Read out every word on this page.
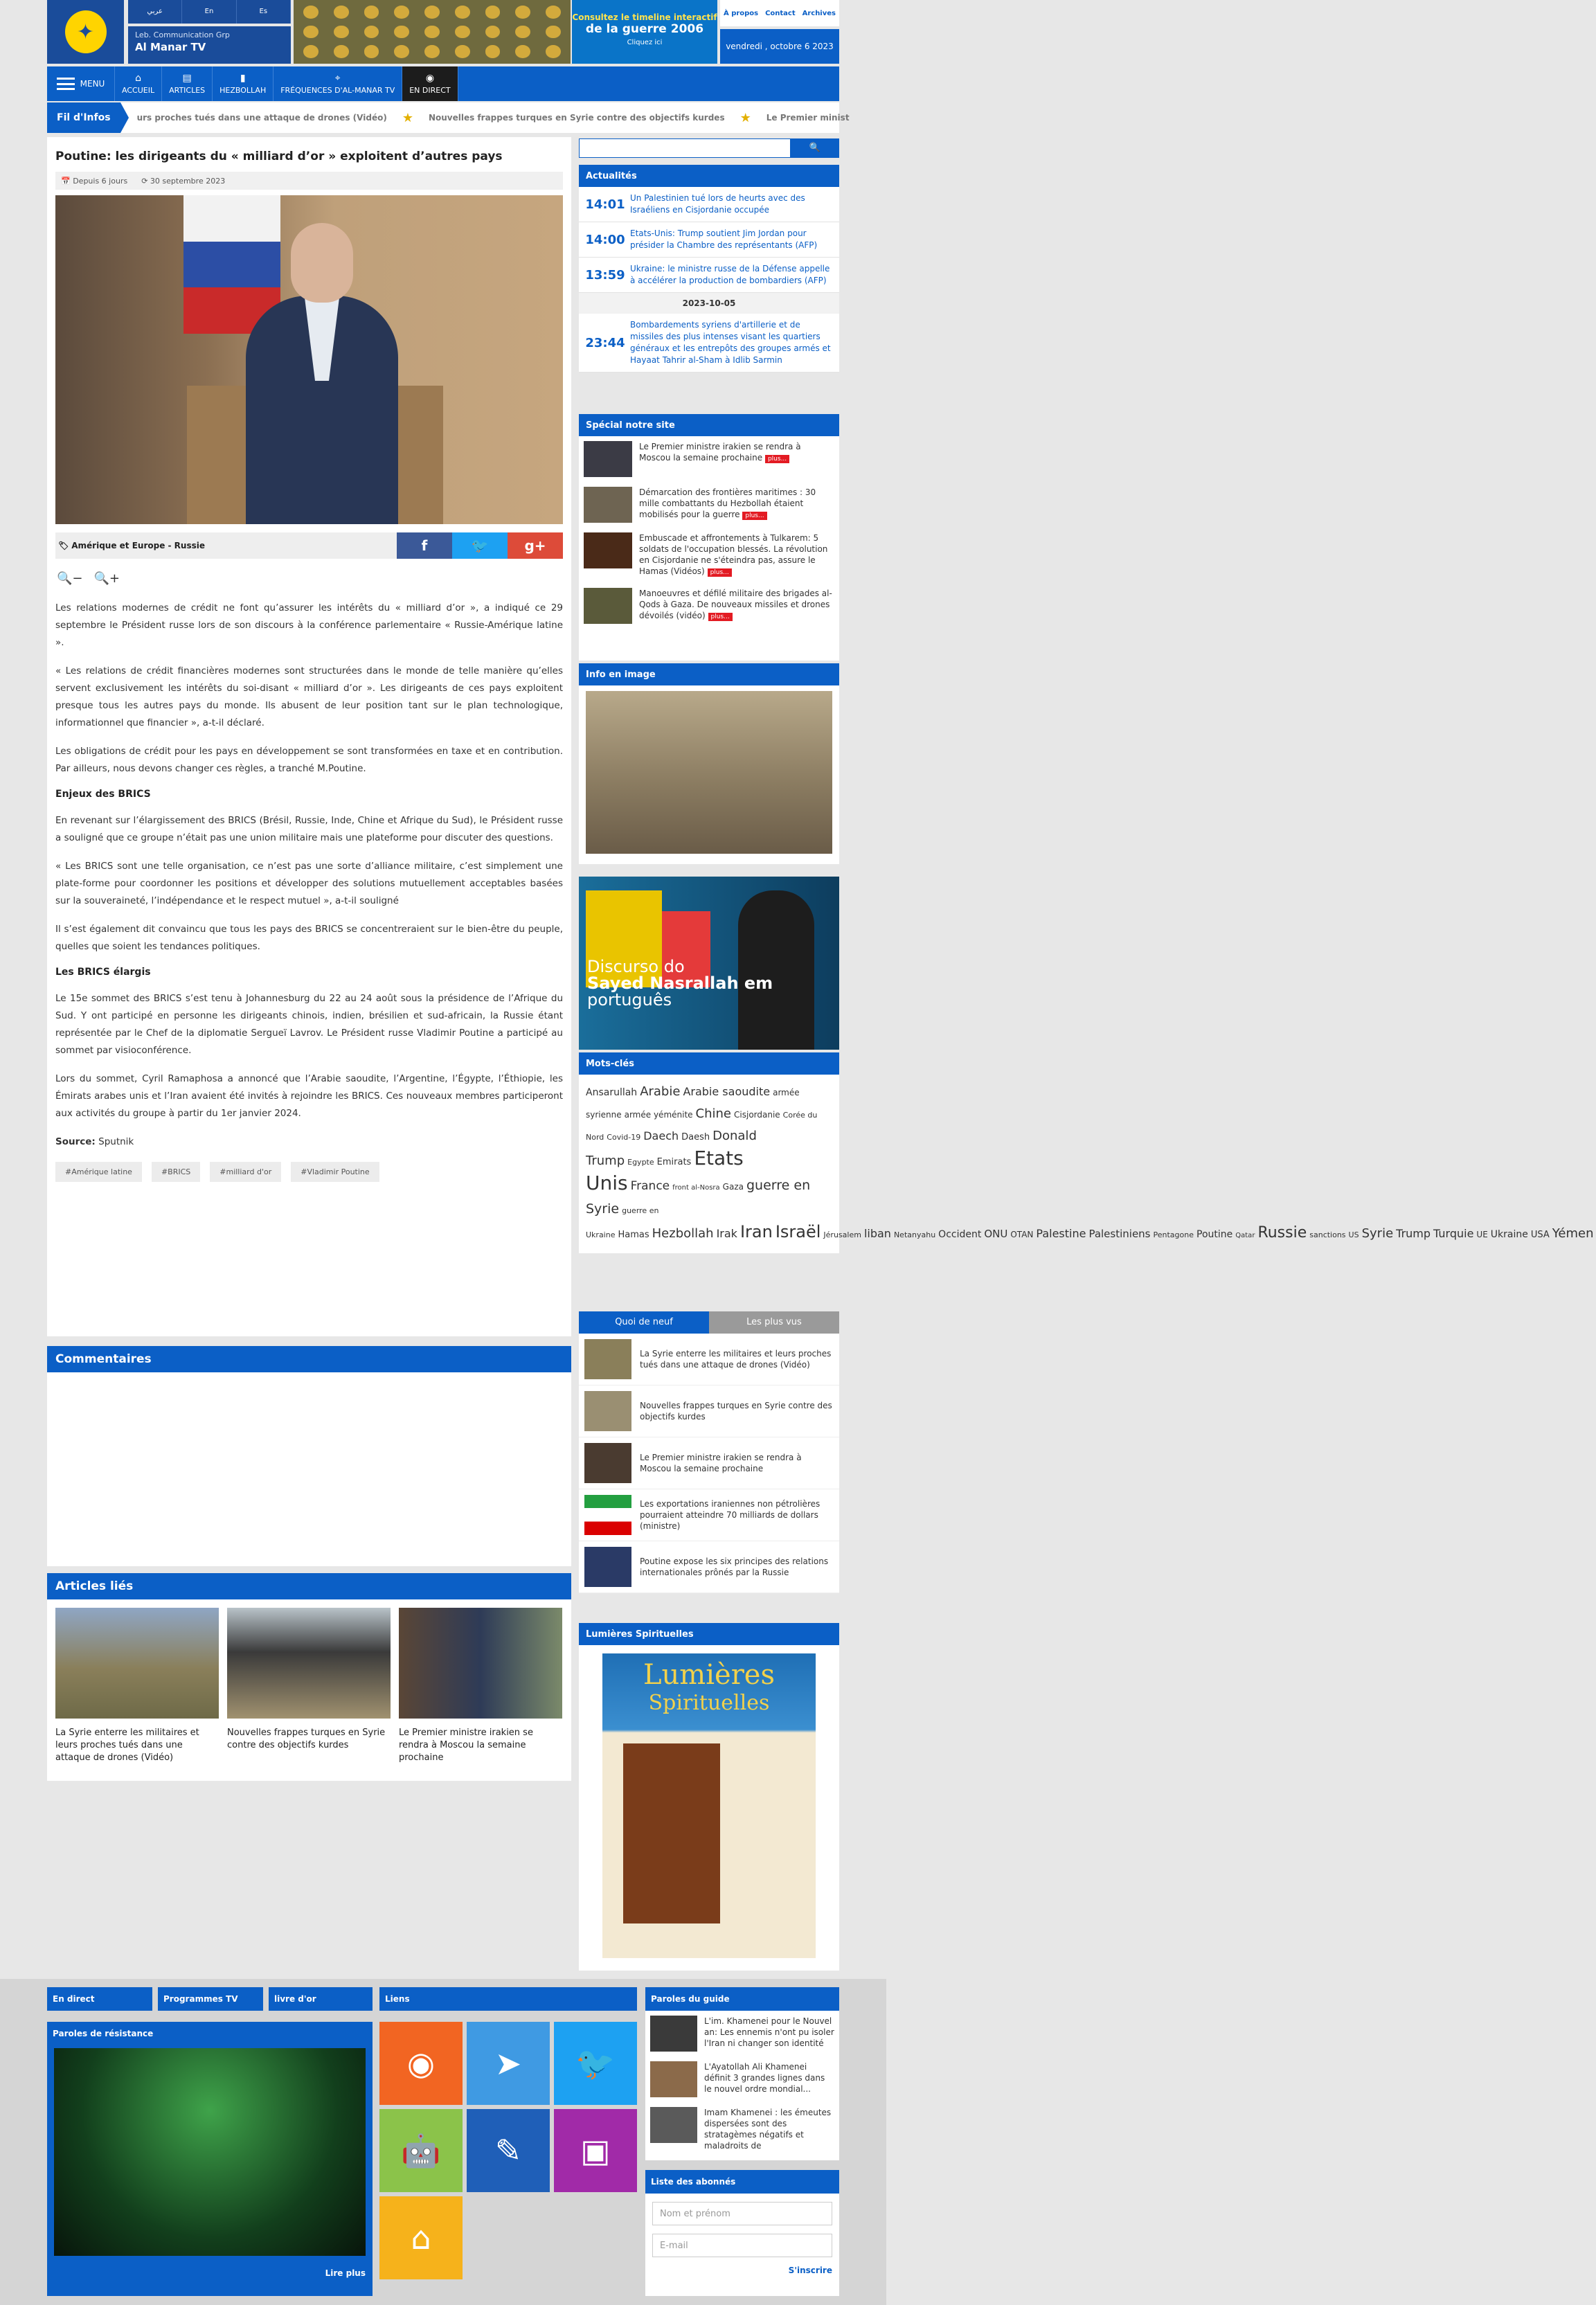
✦
عربي	En	Es
Leb. Communication Grp
Al Manar TV
Consultez le timeline interactif
de la guerre 2006
Cliquez ici
À propos Contact Archives
vendredi , octobre 6 2023
MENU	⌂
ACCUEIL
▤
ARTICLES
▮
HEZBOLLAH
⌖
FRÉQUENCES D'AL-MANAR TV
◉
EN DIRECT
Fil d'Infos	urs proches tués dans une attaque de drones (Vidéo) ★ Nouvelles frappes turques en Syrie contre des objectifs kurdes ★ Le Premier minist
Poutine: les dirigeants du « milliard d’or » exploitent d’autres pays
📅 Depuis 6 jours ⟳ 30 septembre 2023
🏷 Amérique et Europe - Russie	f	🐦	g+
🔍− 🔍+

Les relations modernes de crédit ne font qu’assurer les intérêts du « milliard d’or », a indiqué ce 29 septembre le Président russe lors de son discours à la conférence parlementaire « Russie-Amérique latine ».

« Les relations de crédit financières modernes sont structurées dans le monde de telle manière qu’elles servent exclusivement les intérêts du soi-disant « milliard d’or ». Les dirigeants de ces pays exploitent presque tous les autres pays du monde. Ils abusent de leur position tant sur le plan technologique, informationnel que financier », a-t-il déclaré.

Les obligations de crédit pour les pays en développement se sont transformées en taxe et en contribution. Par ailleurs, nous devons changer ces règles, a tranché M.Poutine.

Enjeux des BRICS

En revenant sur l’élargissement des BRICS (Brésil, Russie, Inde, Chine et Afrique du Sud), le Président russe a souligné que ce groupe n’était pas une union militaire mais une plateforme pour discuter des questions.

« Les BRICS sont une telle organisation, ce n’est pas une sorte d’alliance militaire, c’est simplement une plate-forme pour coordonner les positions et développer des solutions mutuellement acceptables basées sur la souveraineté, l’indépendance et le respect mutuel », a-t-il souligné

Il s’est également dit convaincu que tous les pays des BRICS se concentreraient sur le bien-être du peuple, quelles que soient les tendances politiques.

Les BRICS élargis

Le 15e sommet des BRICS s’est tenu à Johannesburg du 22 au 24 août sous la présidence de l’Afrique du Sud. Y ont participé en personne les dirigeants chinois, indien, brésilien et sud-africain, la Russie étant représentée par le Chef de la diplomatie Sergueï Lavrov. Le Président russe Vladimir Poutine a participé au sommet par visioconférence.

Lors du sommet, Cyril Ramaphosa a annoncé que l’Arabie saoudite, l’Argentine, l’Égypte, l’Éthiopie, les Émirats arabes unis et l’Iran avaient été invités à rejoindre les BRICS. Ces nouveaux membres participeront aux activités du groupe à partir du 1er janvier 2024.

Source: Sputnik

#Amérique latine	#BRICS	#milliard d'or	#Vladimir Poutine
Commentaires
Articles liés
La Syrie enterre les militaires et leurs proches tués dans une attaque de drones (Vidéo)
Nouvelles frappes turques en Syrie contre des objectifs kurdes
Le Premier ministre irakien se rendra à Moscou la semaine prochaine
🔍
Actualités
14:01 Un Palestinien tué lors de heurts avec des Israéliens en Cisjordanie occupée
14:00 Etats-Unis: Trump soutient Jim Jordan pour présider la Chambre des représentants (AFP)
13:59 Ukraine: le ministre russe de la Défense appelle à accélérer la production de bombardiers (AFP)
2023-10-05
23:44
Bombardements syriens d'artillerie et de missiles des plus intenses visant les quartiers généraux et les entrepôts des groupes armés et Hayaat Tahrir al-Sham à Idlib Sarmin
Spécial notre site
Le Premier ministre irakien se rendra à Moscou la semaine prochaine plus...
Démarcation des frontières maritimes : 30 mille combattants du Hezbollah étaient mobilisés pour la guerre plus...
Embuscade et affrontements à Tulkarem: 5 soldats de l'occupation blessés. La révolution en Cisjordanie ne s'éteindra pas, assure le Hamas (Vidéos) plus...
Manoeuvres et défilé militaire des brigades al-Qods à Gaza. De nouveaux missiles et drones dévoilés (vidéo) plus...
Info en image
Discurso do
Sayed Nasrallah em
português
Mots-clés
Ansarullah Arabie Arabie saoudite armée syrienne armée yéménite Chine Cisjordanie Corée du Nord Covid-19 Daech Daesh Donald Trump Egypte Emirats Etats Unis France front al-Nosra Gaza guerre en Syrie guerre en Ukraine Hamas Hezbollah Irak Iran Israël Jérusalem liban Netanyahu Occident ONU OTAN Palestine Palestiniens Pentagone Poutine Qatar Russie sanctions US Syrie Trump Turquie UE Ukraine USA Yémen
Quoi de neuf	Les plus vus
La Syrie enterre les militaires et leurs proches tués dans une attaque de drones (Vidéo)
Nouvelles frappes turques en Syrie contre des objectifs kurdes
Le Premier ministre irakien se rendra à Moscou la semaine prochaine
Les exportations iraniennes non pétrolières pourraient atteindre 70 milliards de dollars (ministre)
Poutine expose les six principes des relations internationales prônés par la Russie
Lumières Spirituelles
Lumières
Spirituelles
En direct	Programmes TV	livre d'or
Paroles de résistance
Lire plus
Liens
◉	➤	🐦
🤖	✎	▣
⌂
Paroles du guide
L'im. Khamenei pour le Nouvel an: Les ennemis n'ont pu isoler l'Iran ni changer son identité
L'Ayatollah Ali Khamenei définit 3 grandes lignes dans le nouvel ordre mondial...
Imam Khamenei : les émeutes dispersées sont des stratagèmes négatifs et maladroits de
Liste des abonnés
Nom et prénom
E-mail
S'inscrire
